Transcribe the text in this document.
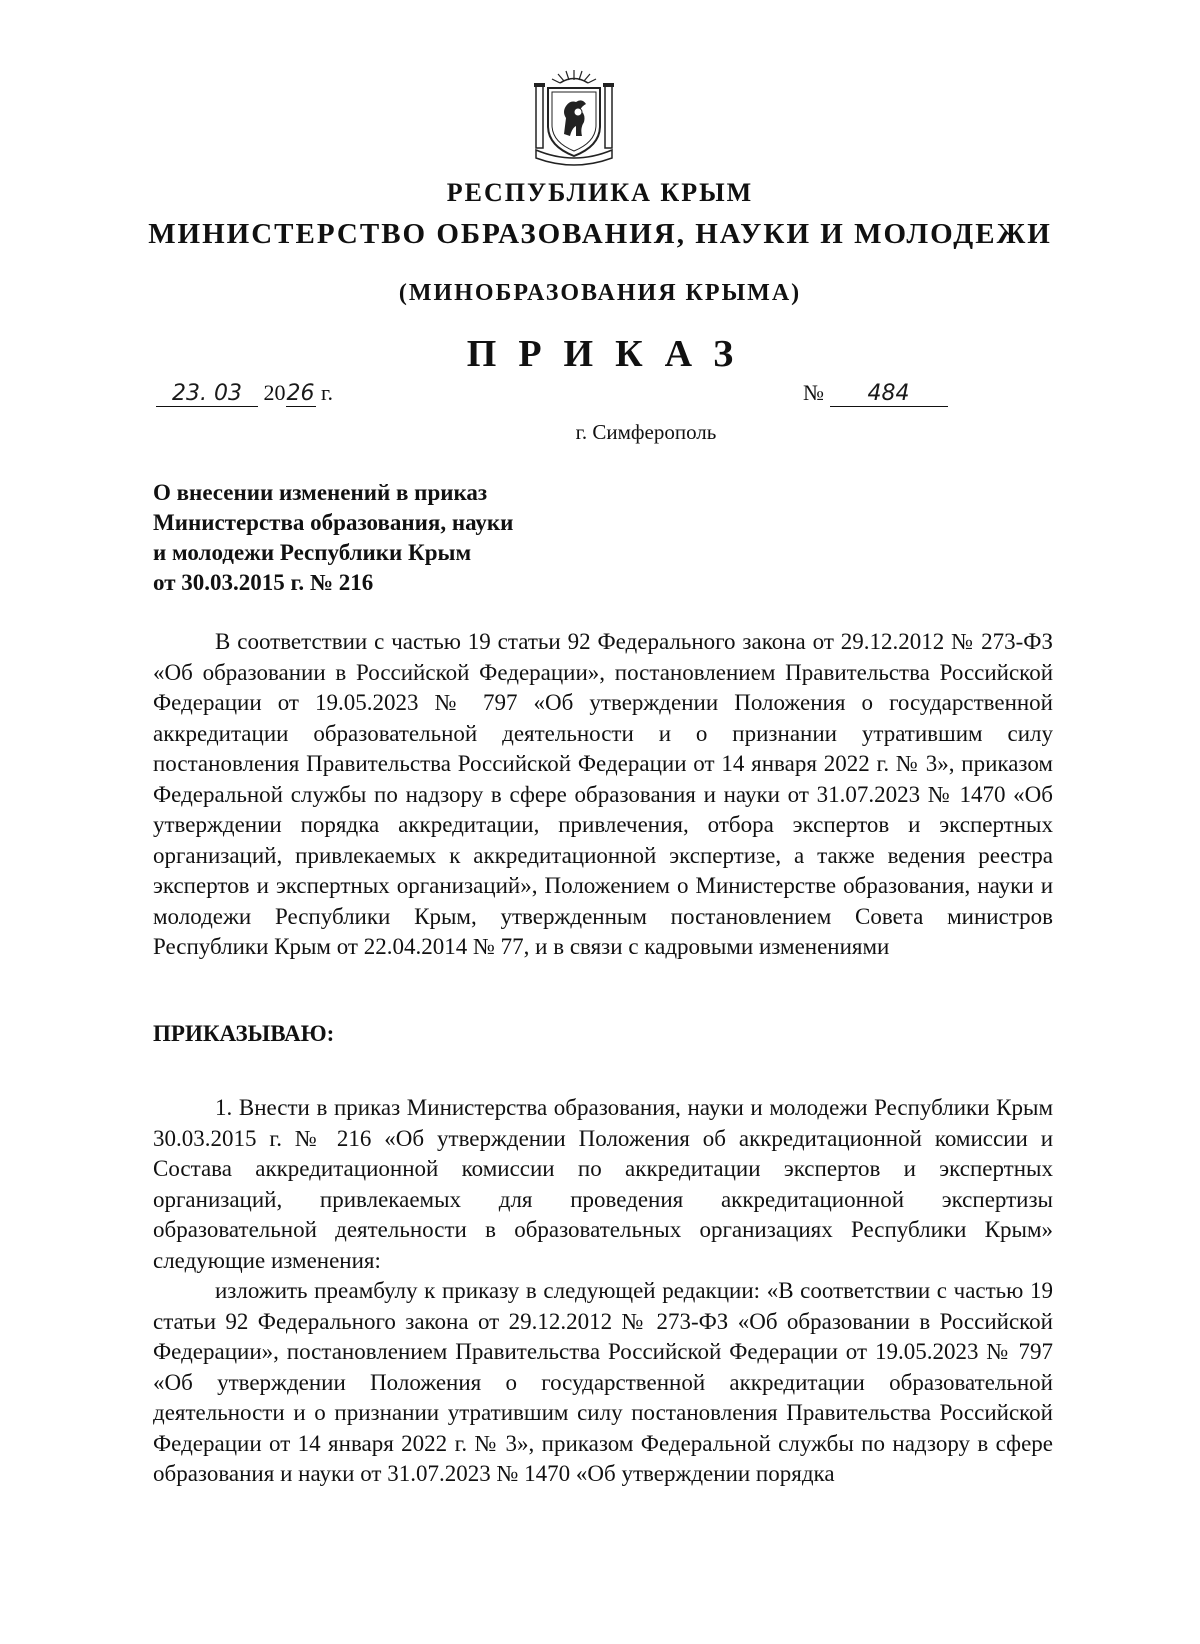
РЕСПУБЛИКА КРЫМ
МИНИСТЕРСТВО ОБРАЗОВАНИЯ, НАУКИ И МОЛОДЕЖИ
(МИНОБРАЗОВАНИЯ КРЫМА)
ПРИКАЗ
23. 03 2026 г.	№ 484
г. Симферополь
О внесении изменений в приказ
Министерства образования, науки
и молодежи Республики Крым
от 30.03.2015 г. № 216

В соответствии с частью 19 статьи 92 Федерального закона от 29.12.2012 № 273-ФЗ «Об образовании в Российской Федерации», постановлением Правительства Российской Федерации от 19.05.2023 № 797 «Об утверждении Положения о государственной аккредитации образовательной деятельности и о признании утратившим силу постановления Правительства Российской Федерации от 14 января 2022 г. № 3», приказом Федеральной службы по надзору в сфере образования и науки от 31.07.2023 № 1470 «Об утверждении порядка аккредитации, привлечения, отбора экспертов и экспертных организаций, привлекаемых к аккредитационной экспертизе, а также ведения реестра экспертов и экспертных организаций», Положением о Министерстве образования, науки и молодежи Республики Крым, утвержденным постановлением Совета министров Республики Крым от 22.04.2014 № 77, и в связи с кадровыми изменениями

ПРИКАЗЫВАЮ:

1. Внести в приказ Министерства образования, науки и молодежи Республики Крым 30.03.2015 г. № 216 «Об утверждении Положения об аккредитационной комиссии и Состава аккредитационной комиссии по аккредитации экспертов и экспертных организаций, привлекаемых для проведения аккредитационной экспертизы образовательной деятельности в образовательных организациях Республики Крым» следующие изменения:

изложить преамбулу к приказу в следующей редакции: «В соответствии с частью 19 статьи 92 Федерального закона от 29.12.2012 № 273-ФЗ «Об образовании в Российской Федерации», постановлением Правительства Российской Федерации от 19.05.2023 № 797 «Об утверждении Положения о государственной аккредитации образовательной деятельности и о признании утратившим силу постановления Правительства Российской Федерации от 14 января 2022 г. № 3», приказом Федеральной службы по надзору в сфере образования и науки от 31.07.2023 № 1470 «Об утверждении порядка
